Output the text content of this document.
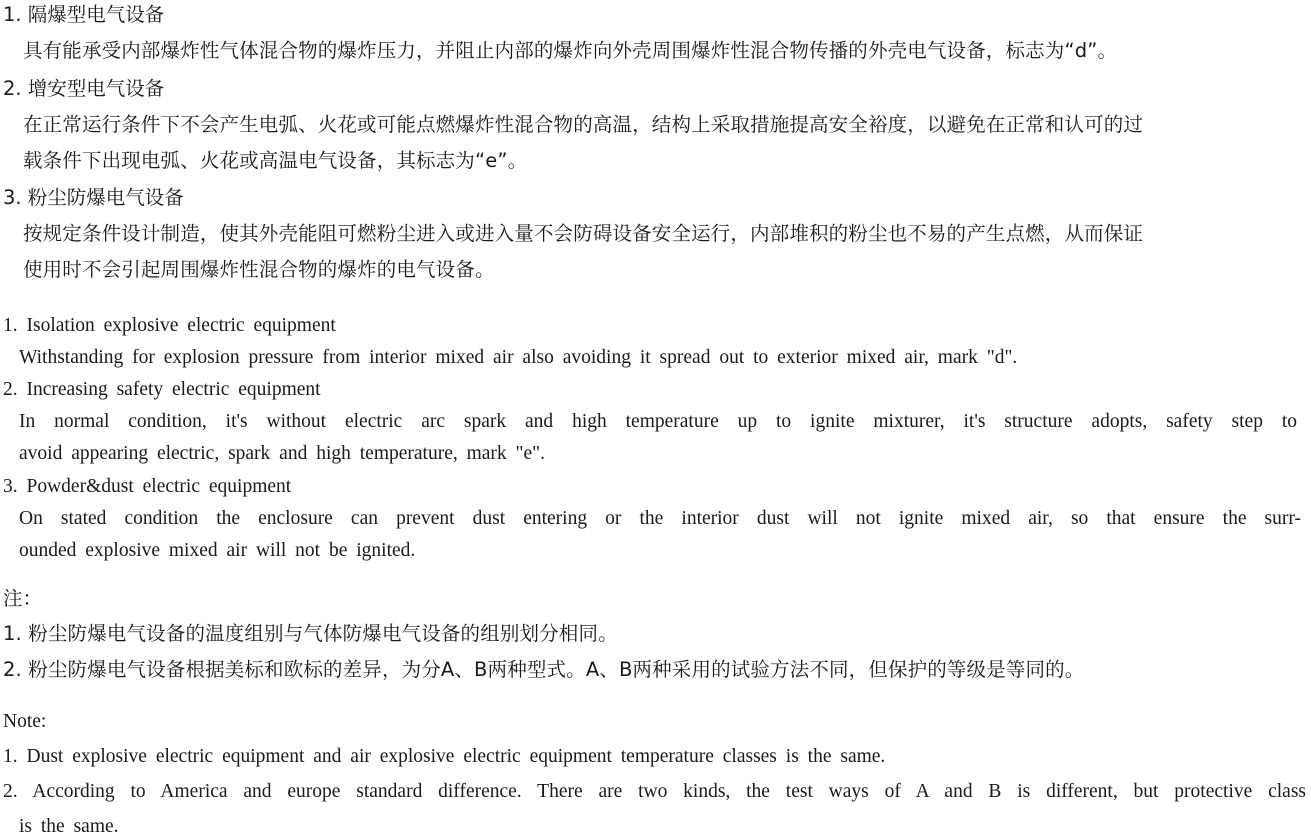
1. 隔爆型电气设备
具有能承受内部爆炸性气体混合物的爆炸压力，并阻止内部的爆炸向外壳周围爆炸性混合物传播的外壳电气设备，标志为“d”。
2. 增安型电气设备
在正常运行条件下不会产生电弧、火花或可能点燃爆炸性混合物的高温，结构上采取措施提高安全裕度，以避免在正常和认可的过
载条件下出现电弧、火花或高温电气设备，其标志为“e”。
3. 粉尘防爆电气设备
按规定条件设计制造，使其外壳能阻可燃粉尘进入或进入量不会防碍设备安全运行，内部堆积的粉尘也不易的产生点燃，从而保证
使用时不会引起周围爆炸性混合物的爆炸的电气设备。
1. Isolation explosive electric equipment
Withstanding for explosion pressure from interior mixed air also avoiding it spread out to exterior mixed air, mark "d".
2. Increasing safety electric equipment
In normal condition, it's without electric arc spark and high temperature up to ignite mixturer, it's structure adopts, safety step to
avoid appearing electric, spark and high temperature, mark "e".
3. Powder&dust electric equipment
On stated condition the enclosure can prevent dust entering or the interior dust will not ignite mixed air, so that ensure the surr-
ounded explosive mixed air will not be ignited.
注：
1. 粉尘防爆电气设备的温度组别与气体防爆电气设备的组别划分相同。
2. 粉尘防爆电气设备根据美标和欧标的差异，为分A、B两种型式。A、B两种采用的试验方法不同，但保护的等级是等同的。
Note:
1. Dust explosive electric equipment and air explosive electric equipment temperature classes is the same.
2. According to America and europe standard difference. There are two kinds, the test ways of A and B is different, but protective class
is the same.
